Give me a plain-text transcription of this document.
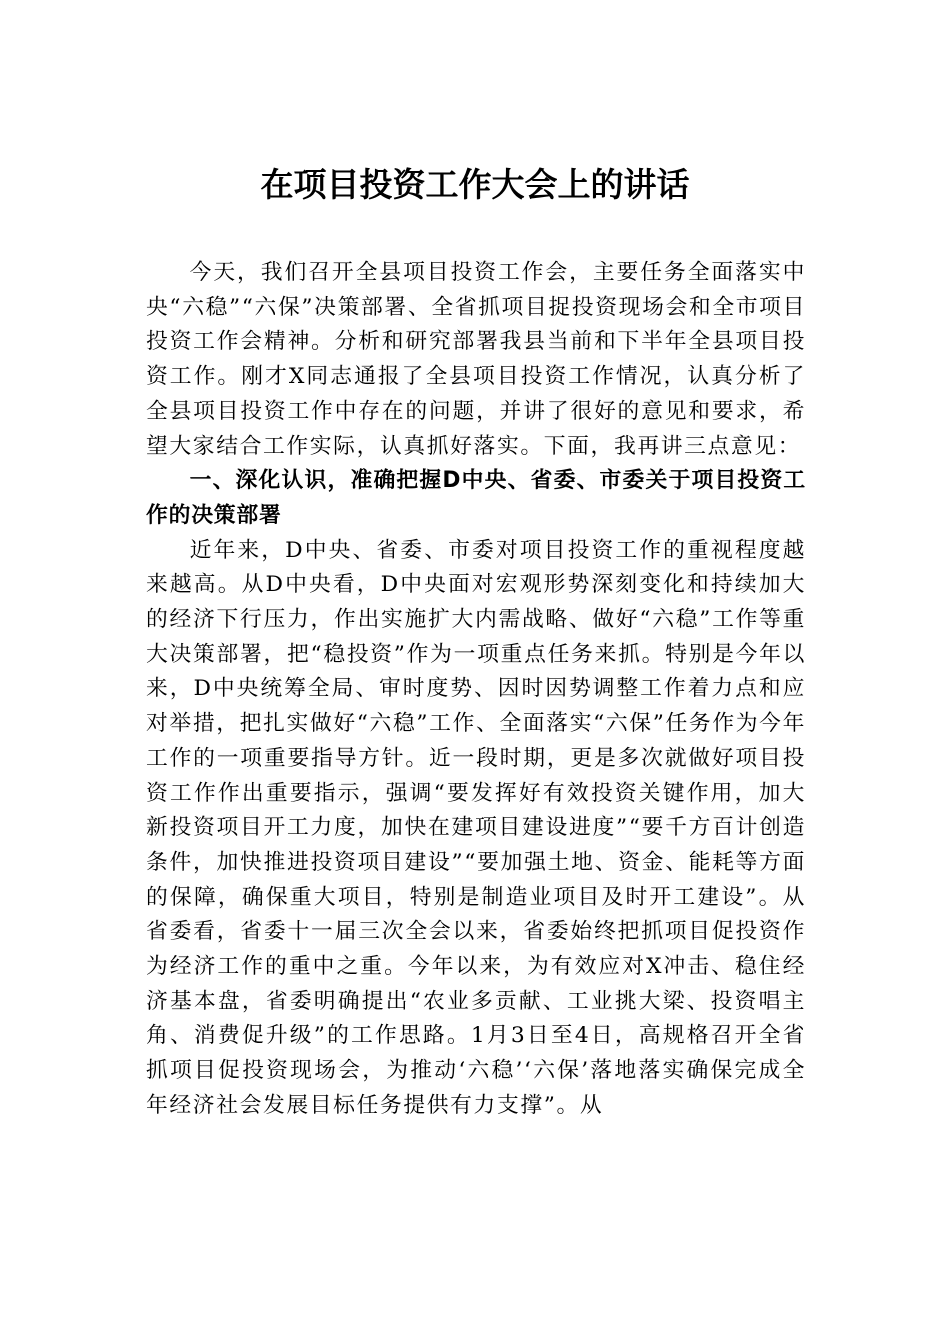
在项目投资工作大会上的讲话

今天，我们召开全县项目投资工作会，主要任务全面落实中央“六稳”“六保”决策部署、全省抓项目捉投资现场会和全市项目投资工作会精神。分析和研究部署我县当前和下半年全县项目投资工作。刚才X同志通报了全县项目投资工作情况，认真分析了全县项目投资工作中存在的问题，并讲了很好的意见和要求，希望大家结合工作实际，认真抓好落实。下面，我再讲三点意见：

一、深化认识，准确把握D中央、省委、市委关于项目投资工作的决策部署

近年来，D中央、省委、市委对项目投资工作的重视程度越来越高。从D中央看，D中央面对宏观形势深刻变化和持续加大的经济下行压力，作出实施扩大内需战略、做好“六稳”工作等重大决策部署，把“稳投资”作为一项重点任务来抓。特别是今年以来，D中央统筹全局、审时度势、因时因势调整工作着力点和应对举措，把扎实做好“六稳”工作、全面落实“六保”任务作为今年工作的一项重要指导方针。近一段时期，更是多次就做好项目投资工作作出重要指示，强调“要发挥好有效投资关键作用，加大新投资项目开工力度，加快在建项目建设进度”“要千方百计创造条件，加快推进投资项目建设”“要加强土地、资金、能耗等方面的保障，确保重大项目，特别是制造业项目及时开工建设”。从省委看，省委十一届三次全会以来，省委始终把抓项目促投资作为经济工作的重中之重。今年以来，为有效应对X冲击、稳住经济基本盘，省委明确提出“农业多贡献、工业挑大梁、投资唱主角、消费促升级”的工作思路。1月3日至4日，高规格召开全省抓项目促投资现场会，为推动‘六稳’‘六保’落地落实确保完成全年经济社会发展目标任务提供有力支撑”。从
